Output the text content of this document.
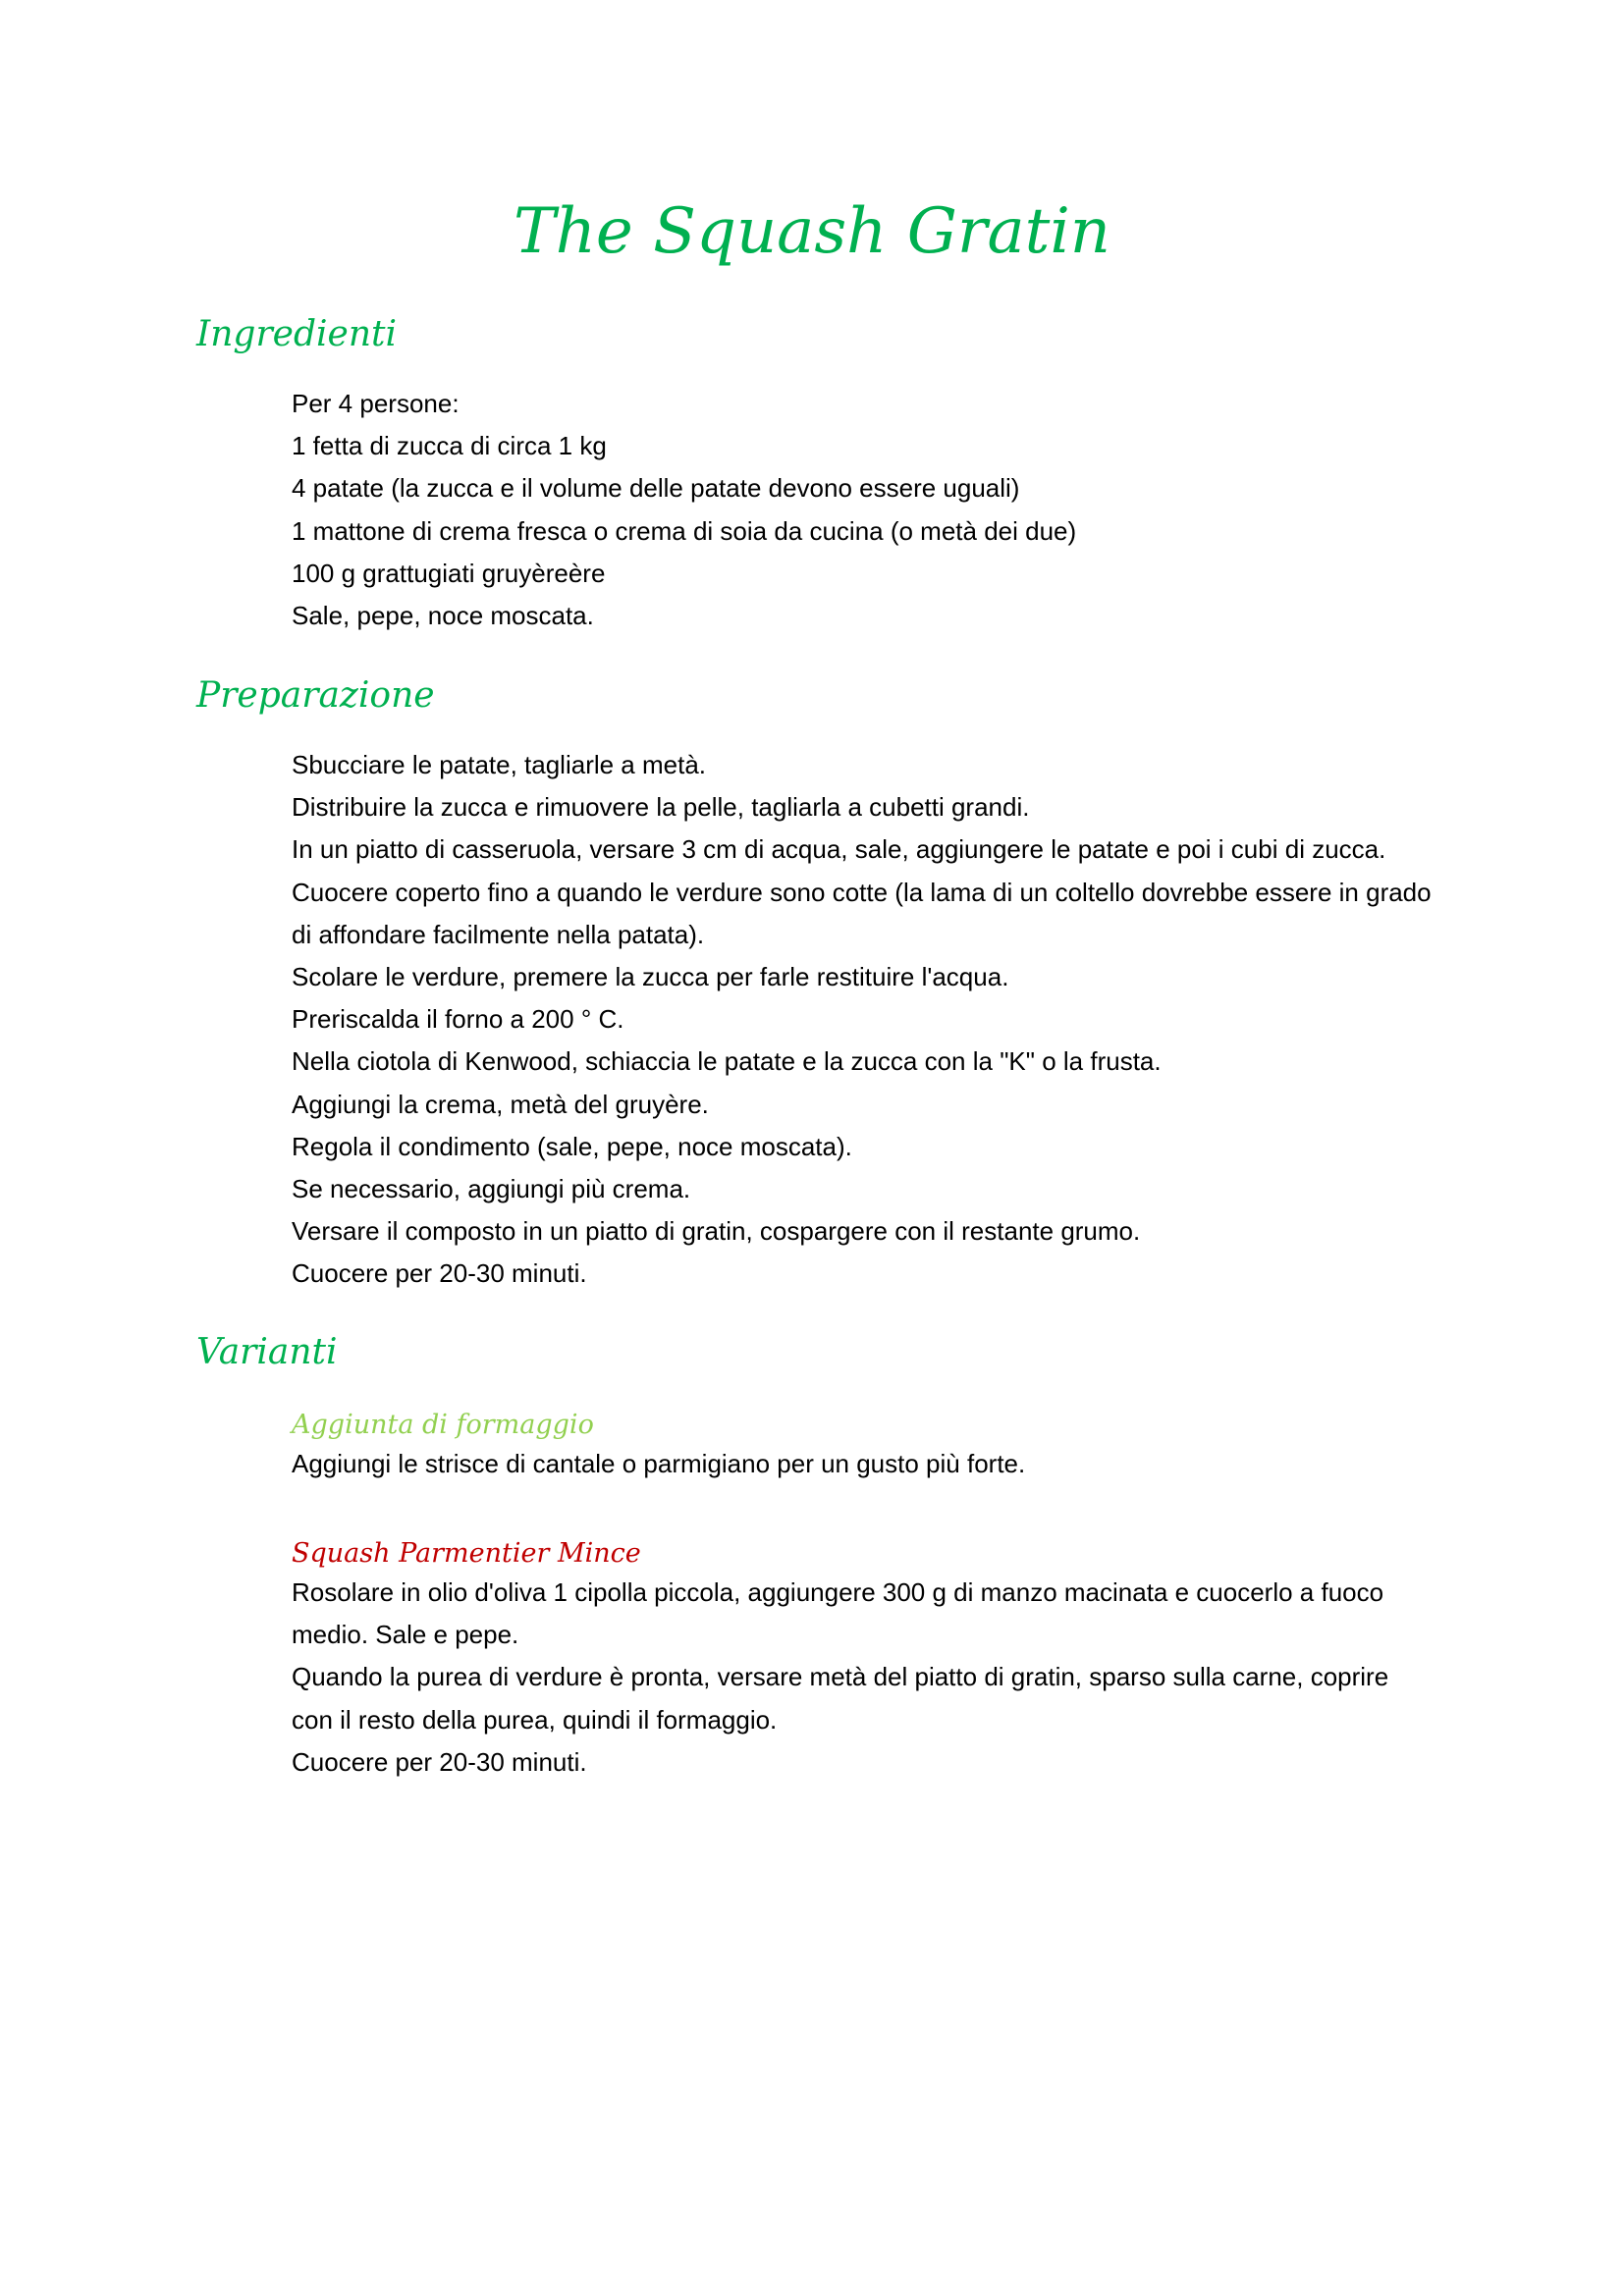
The Squash Gratin
Ingredienti
Per 4 persone:
1 fetta di zucca di circa 1 kg
4 patate (la zucca e il volume delle patate devono essere uguali)
1 mattone di crema fresca o crema di soia da cucina (o metà dei due)
100 g grattugiati gruyèreère
Sale, pepe, noce moscata.
Preparazione
Sbucciare le patate, tagliarle a metà.
Distribuire la zucca e rimuovere la pelle, tagliarla a cubetti grandi.
In un piatto di casseruola, versare 3 cm di acqua, sale, aggiungere le patate e poi i cubi di zucca.
Cuocere coperto fino a quando le verdure sono cotte (la lama di un coltello dovrebbe essere in grado
di affondare facilmente nella patata).
Scolare le verdure, premere la zucca per farle restituire l'acqua.
Preriscalda il forno a 200 ° C.
Nella ciotola di Kenwood, schiaccia le patate e la zucca con la "K" o la frusta.
Aggiungi la crema, metà del gruyère.
Regola il condimento (sale, pepe, noce moscata).
Se necessario, aggiungi più crema.
Versare il composto in un piatto di gratin, cospargere con il restante grumo.
Cuocere per 20-30 minuti.
Varianti
Aggiunta di formaggio
Aggiungi le strisce di cantale o parmigiano per un gusto più forte.
Squash Parmentier Mince
Rosolare in olio d'oliva 1 cipolla piccola, aggiungere 300 g di manzo macinata e cuocerlo a fuoco
medio. Sale e pepe.
Quando la purea di verdure è pronta, versare metà del piatto di gratin, sparso sulla carne, coprire
con il resto della purea, quindi il formaggio.
Cuocere per 20-30 minuti.
